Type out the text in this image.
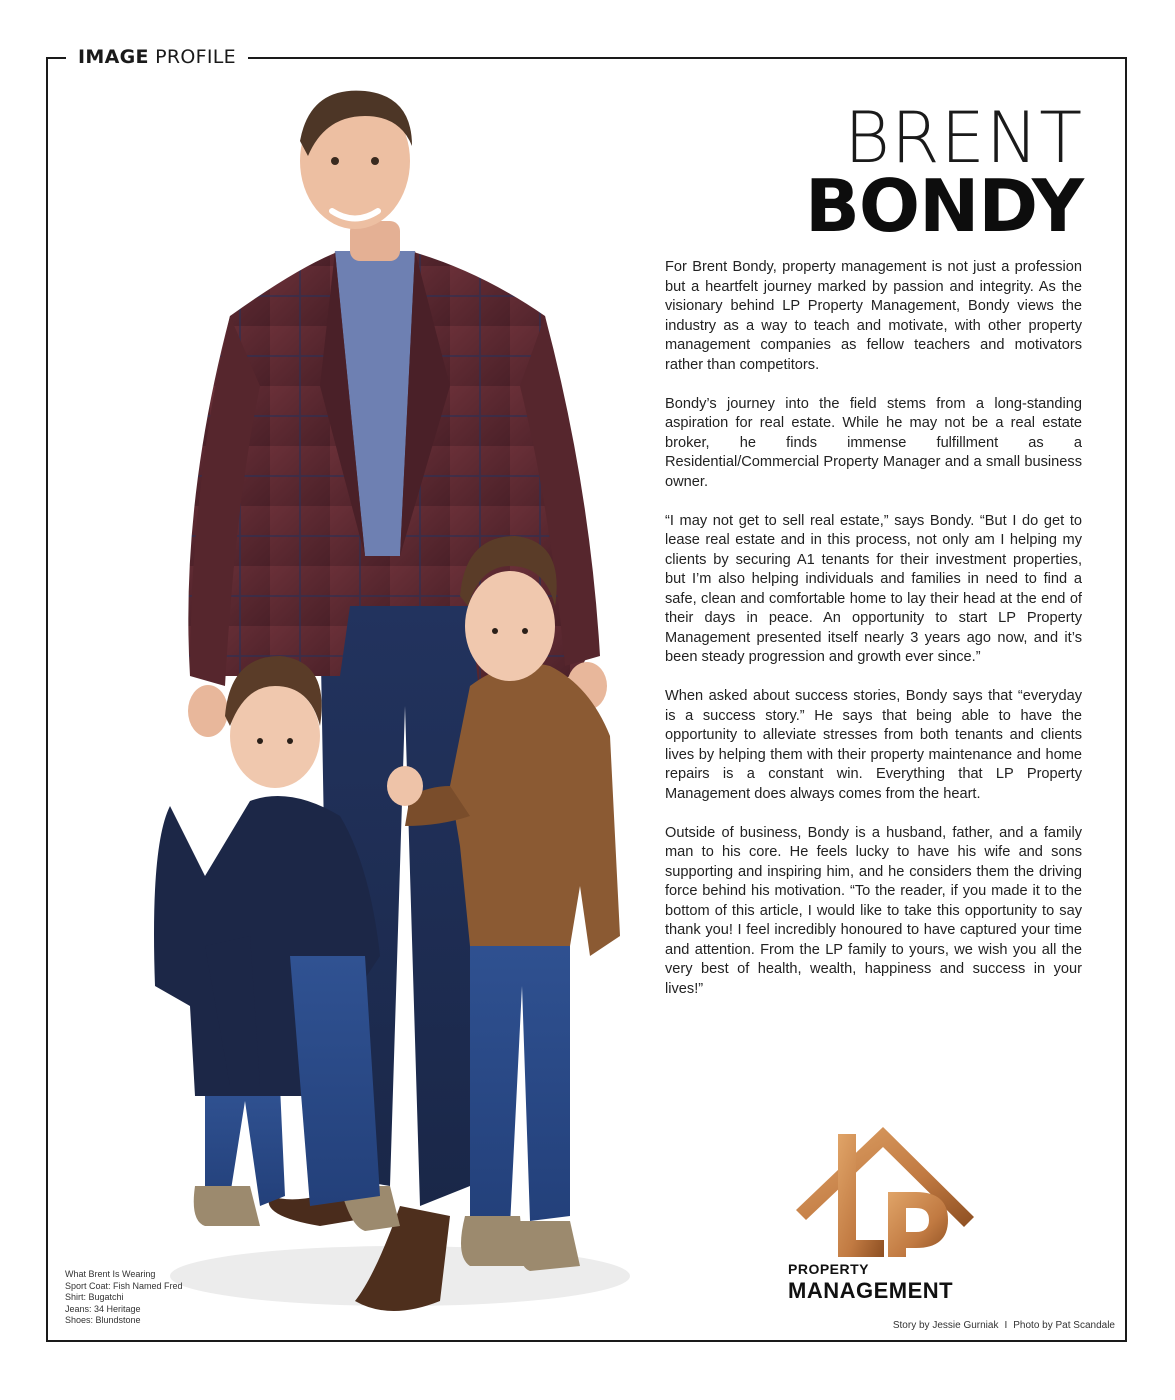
IMAGE PROFILE
BRENT
BONDY

For Brent Bondy, property management is not just a profession but a heartfelt journey marked by passion and integrity. As the visionary behind LP Property Management, Bondy views the industry as a way to teach and motivate, with other property management companies as fellow teachers and motivators rather than competitors.

Bondy’s journey into the field stems from a long-standing aspiration for real estate. While he may not be a real estate broker, he finds immense fulfillment as a Residential/Commercial Property Manager and a small business owner.

“I may not get to sell real estate,” says Bondy. “But I do get to lease real estate and in this process, not only am I helping my clients by securing A1 tenants for their investment properties, but I’m also helping individuals and families in need to find a safe, clean and comfortable home to lay their head at the end of their days in peace. An opportunity to start LP Property Management presented itself nearly 3 years ago now, and it’s been steady progression and growth ever since.”

When asked about success stories, Bondy says that “everyday is a success story.” He says that being able to have the opportunity to alleviate stresses from both tenants and clients lives by helping them with their property maintenance and home repairs is a constant win. Everything that LP Property Management does always comes from the heart.

Outside of business, Bondy is a husband, father, and a family man to his core. He feels lucky to have his wife and sons supporting and inspiring him, and he considers them the driving force behind his motivation. “To the reader, if you made it to the bottom of this article, I would like to take this opportunity to say thank you! I feel incredibly honoured to have captured your time and attention. From the LP family to yours, we wish you all the very best of health, wealth, happiness and success in your lives!”

PROPERTY
MANAGEMENT
What Brent Is Wearing
Sport Coat: Fish Named Fred
Shirt: Bugatchi
Jeans: 34 Heritage
Shoes: Blundstone	Story by Jessie Gurniak I Photo by Pat Scandale
